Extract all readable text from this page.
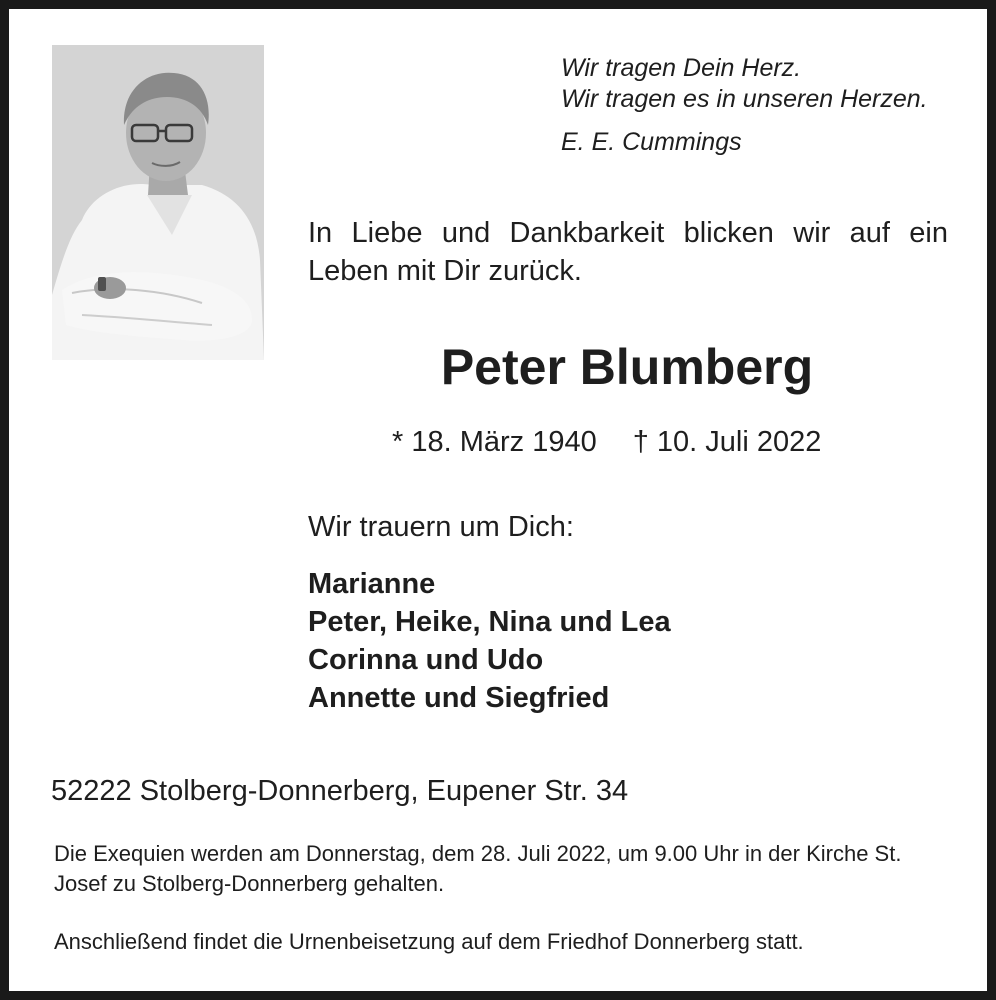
Wir tragen Dein Herz.
Wir tragen es in unseren Herzen.
E. E. Cummings
In Liebe und Dankbarkeit blicken wir auf ein Leben mit Dir zurück.
Peter Blumberg
* 18. März 1940 † 10. Juli 2022
Wir trauern um Dich:
Marianne
Peter, Heike, Nina und Lea
Corinna und Udo
Annette und Siegfried
52222 Stolberg-Donnerberg, Eupener Str. 34
Die Exequien werden am Donnerstag, dem 28. Juli 2022, um 9.00 Uhr in der Kirche St. Josef zu Stolberg-Donnerberg gehalten.
Anschließend findet die Urnenbeisetzung auf dem Friedhof Donnerberg statt.
